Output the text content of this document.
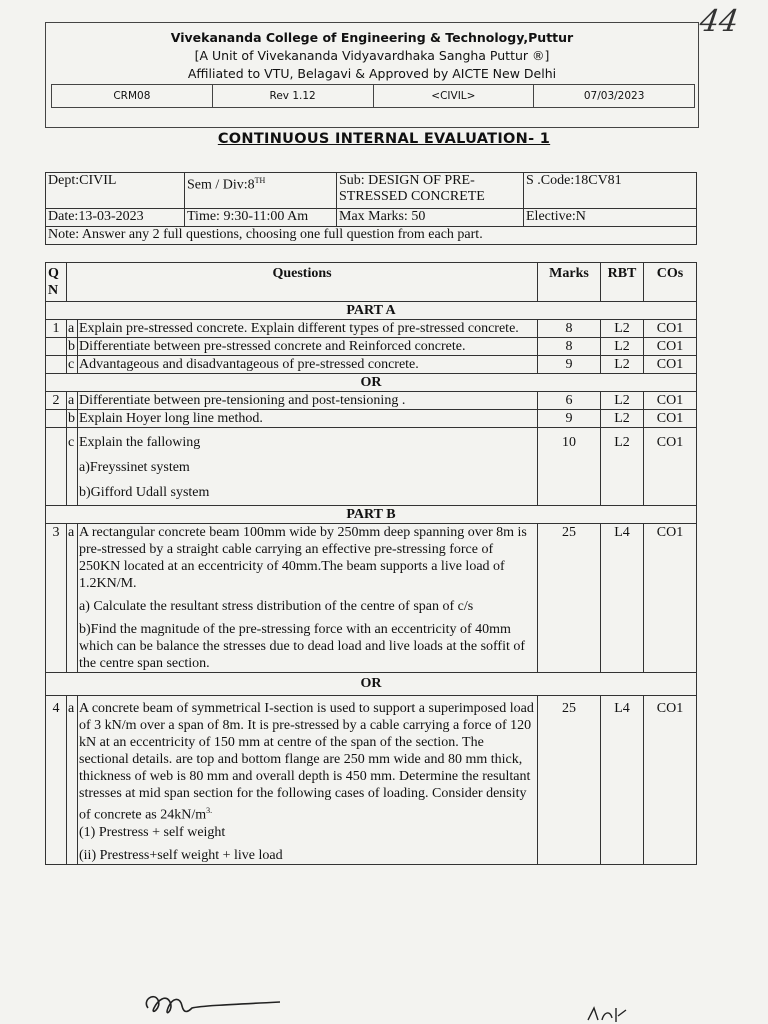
44
Vivekananda College of Engineering & Technology,Puttur
[A Unit of Vivekananda Vidyavardhaka Sangha Puttur ®]
Affiliated to VTU, Belagavi & Approved by AICTE New Delhi
CRM08	Rev 1.12	<CIVIL>	07/03/2023
CONTINUOUS INTERNAL EVALUATION- 1
Dept:CIVIL	Sem / Div:8TH	Sub: DESIGN OF PRE-STRESSED CONCRETE	S .Code:18CV81
Date:13-03-2023	Time: 9:30-11:00 Am	Max Marks: 50	Elective:N
Note: Answer any 2 full questions, choosing one full question from each part.			
Q N	Questions		Marks	RBT	COs
PART A					
1	a	Explain pre-stressed concrete. Explain different types of pre-stressed concrete.	8	L2	CO1
	b	Differentiate between pre-stressed concrete and Reinforced concrete.	8	L2	CO1
	c	Advantageous and disadvantageous of pre-stressed concrete.	9	L2	CO1
OR					
2	a	Differentiate between pre-tensioning and post-tensioning .	6	L2	CO1
	b	Explain Hoyer long line method.	9	L2	CO1
	c	Explain the fallowing

a)Freyssinet system

b)Gifford Udall system	10	L2	CO1
PART B					
3	a	A rectangular concrete beam 100mm wide by 250mm deep spanning over 8m is pre-stressed by a straight cable carrying an effective pre-stressing force of 250KN located at an eccentricity of 40mm.The beam supports a live load of 1.2KN/M.

a) Calculate the resultant stress distribution of the centre of span of c/s

b)Find the magnitude of the pre-stressing force with an eccentricity of 40mm which can be balance the stresses due to dead load and live loads at the soffit of the centre span section.	25	L4	CO1
OR					
4	a	A concrete beam of symmetrical I-section is used to support a superimposed load of 3 kN/m over a span of 8m. It is pre-stressed by a cable carrying a force of 120 kN at an eccentricity of 150 mm at centre of the span of the section. The sectional details. are top and bottom flange are 250 mm wide and 80 mm thick, thickness of web is 80 mm and overall depth is 450 mm. Determine the resultant stresses at mid span section for the following cases of loading. Consider density of concrete as $24kN/m^{3.}$

(1) Prestress + self weight

(ii) Prestress+self weight + live load	25	L4	CO1
